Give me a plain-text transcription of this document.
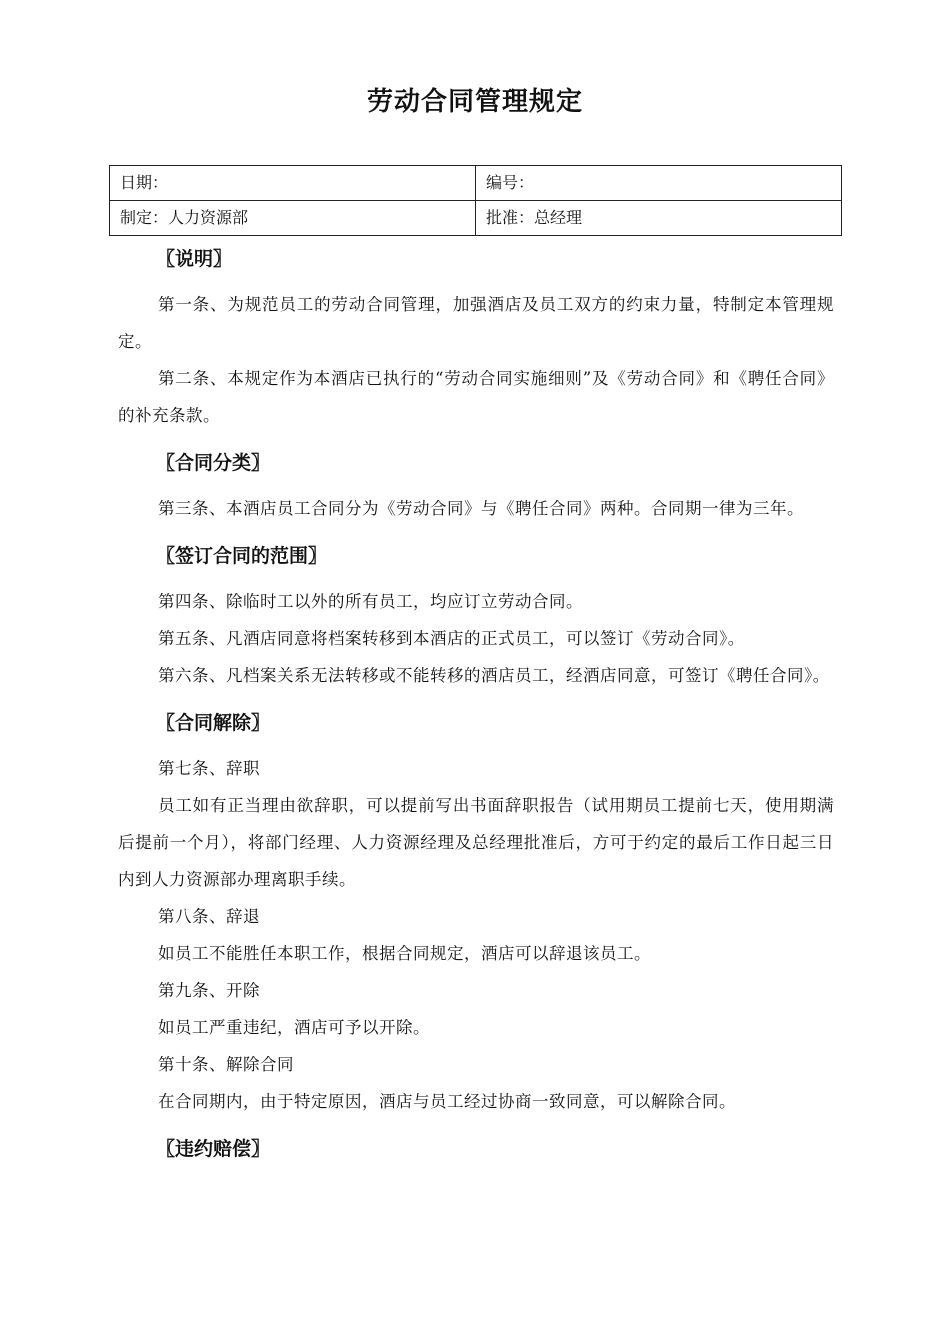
劳动合同管理规定
日期：	编号：
制定：人力资源部	批准：总经理
〖说明〗

第一条、为规范员工的劳动合同管理，加强酒店及员工双方的约束力量，特制定本管理规定。

第二条、本规定作为本酒店已执行的“劳动合同实施细则”及《劳动合同》和《聘任合同》的补充条款。

〖合同分类〗

第三条、本酒店员工合同分为《劳动合同》与《聘任合同》两种。合同期一律为三年。

〖签订合同的范围〗

第四条、除临时工以外的所有员工，均应订立劳动合同。

第五条、凡酒店同意将档案转移到本酒店的正式员工，可以签订《劳动合同》。

第六条、凡档案关系无法转移或不能转移的酒店员工，经酒店同意，可签订《聘任合同》。

〖合同解除〗

第七条、辞职

员工如有正当理由欲辞职，可以提前写出书面辞职报告（试用期员工提前七天，使用期满后提前一个月），将部门经理、人力资源经理及总经理批准后，方可于约定的最后工作日起三日内到人力资源部办理离职手续。

第八条、辞退

如员工不能胜任本职工作，根据合同规定，酒店可以辞退该员工。

第九条、开除

如员工严重违纪，酒店可予以开除。

第十条、解除合同

在合同期内，由于特定原因，酒店与员工经过协商一致同意，可以解除合同。

〖违约赔偿〗
